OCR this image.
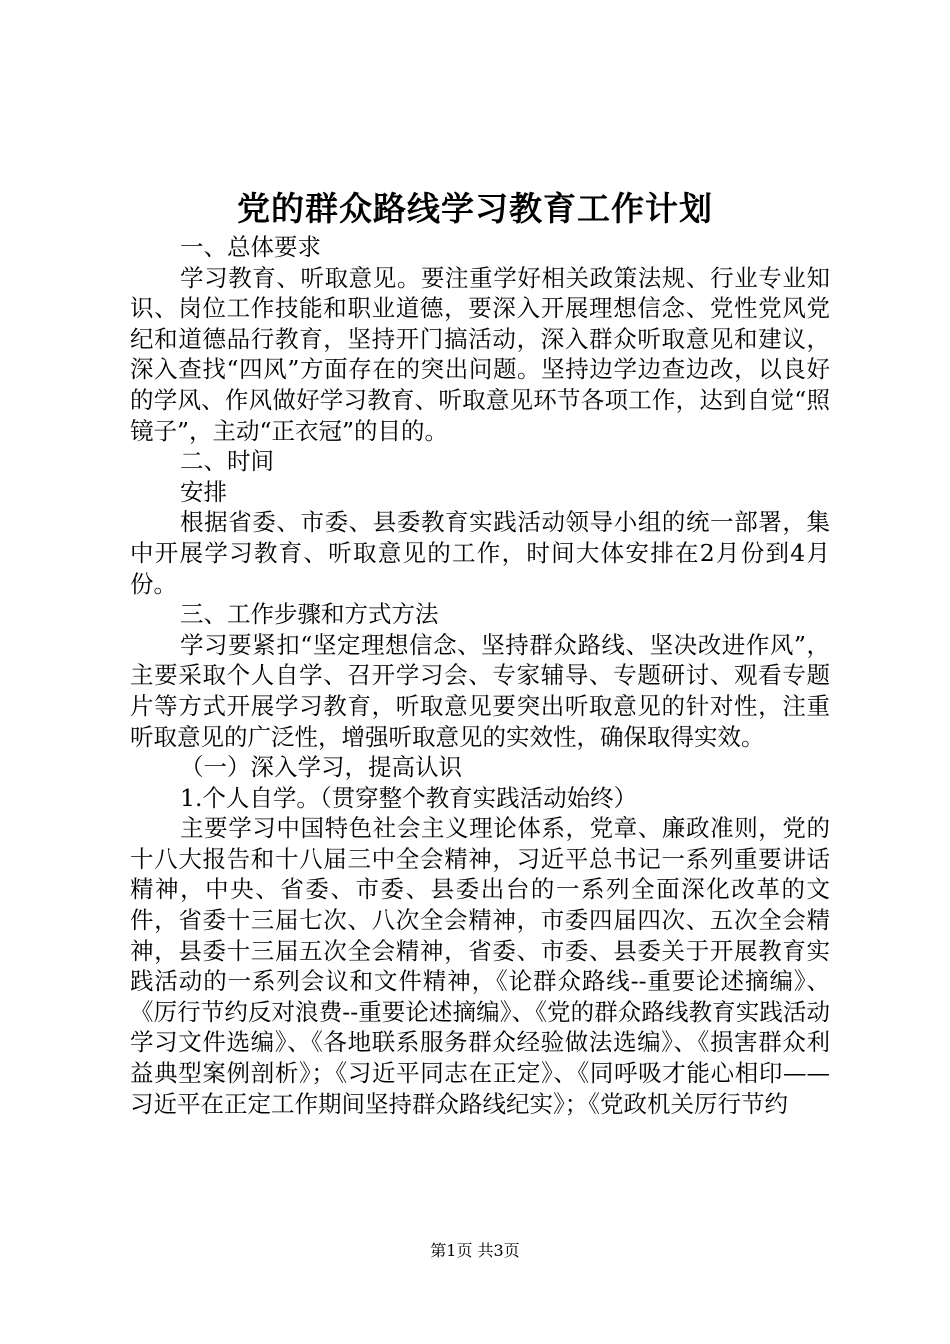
党的群众路线学习教育工作计划

一、总体要求

学习教育、听取意见。要注重学好相关政策法规、行业专业知识、岗位工作技能和职业道德，要深入开展理想信念、党性党风党纪和道德品行教育，坚持开门搞活动，深入群众听取意见和建议，深入查找“四风”方面存在的突出问题。坚持边学边查边改，以良好的学风、作风做好学习教育、听取意见环节各项工作，达到自觉“照镜子”，主动“正衣冠”的目的。

二、时间

安排

根据省委、市委、县委教育实践活动领导小组的统一部署，集中开展学习教育、听取意见的工作，时间大体安排在2月份到4月份。

三、工作步骤和方式方法

学习要紧扣“坚定理想信念、坚持群众路线、坚决改进作风”，主要采取个人自学、召开学习会、专家辅导、专题研讨、观看专题片等方式开展学习教育，听取意见要突出听取意见的针对性，注重听取意见的广泛性，增强听取意见的实效性，确保取得实效。

（一）深入学习，提高认识

1.个人自学。（贯穿整个教育实践活动始终）

主要学习中国特色社会主义理论体系，党章、廉政准则，党的十八大报告和十八届三中全会精神，习近平总书记一系列重要讲话精神，中央、省委、市委、县委出台的一系列全面深化改革的文件，省委十三届七次、八次全会精神，市委四届四次、五次全会精神，县委十三届五次全会精神，省委、市委、县委关于开展教育实践活动的一系列会议和文件精神，《论群众路线--重要论述摘编》、《厉行节约反对浪费--重要论述摘编》、《党的群众路线教育实践活动学习文件选编》、《各地联系服务群众经验做法选编》、《损害群众利益典型案例剖析》；《习近平同志在正定》、《同呼吸才能心相印——习近平在正定工作期间坚持群众路线纪实》；《党政机关厉行节约

第1页 共3页
